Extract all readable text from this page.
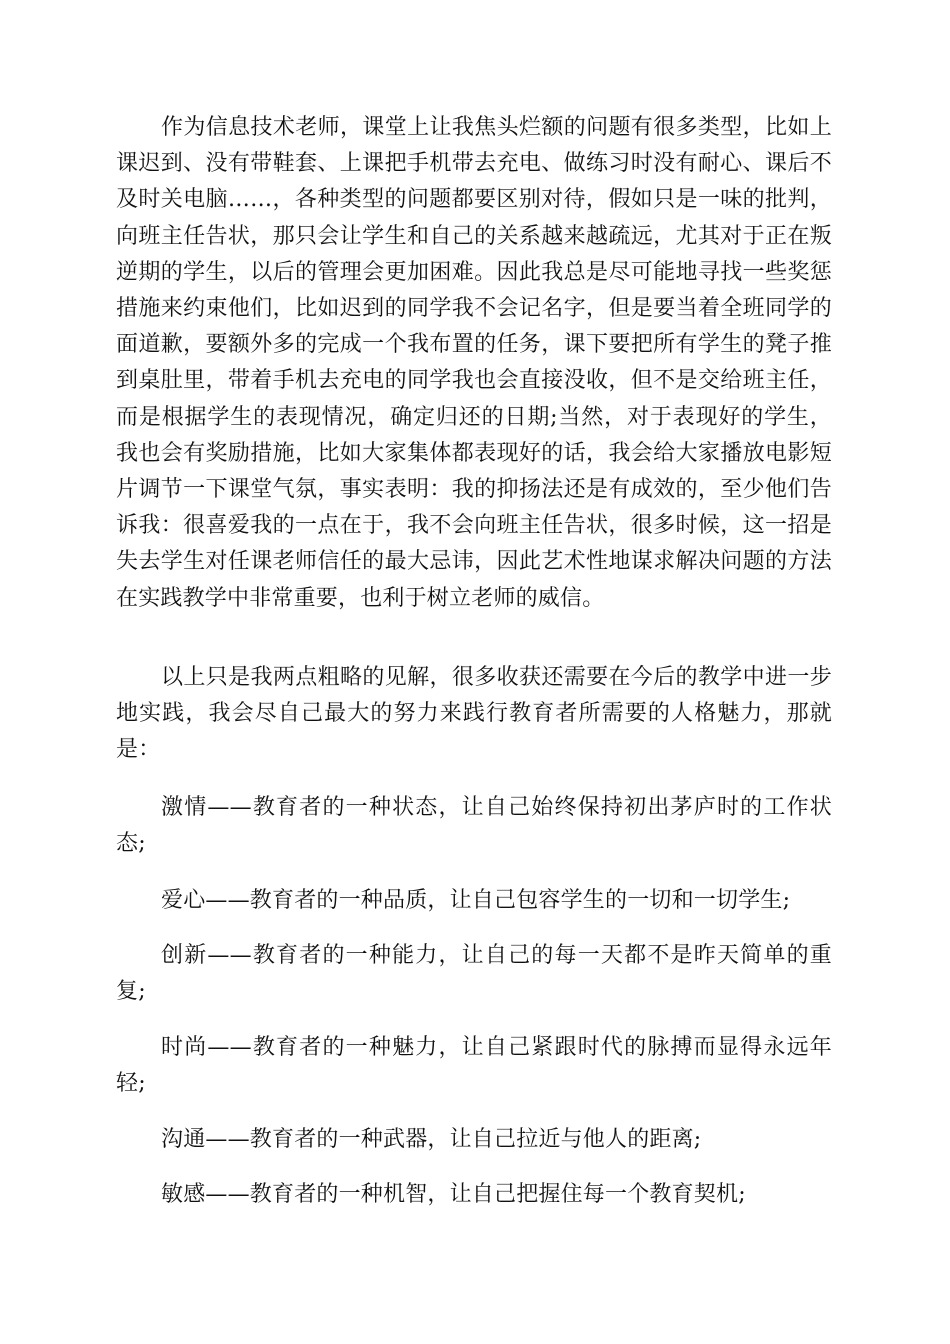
作为信息技术老师，课堂上让我焦头烂额的问题有很多类型，比如上课迟到、没有带鞋套、上课把手机带去充电、做练习时没有耐心、课后不及时关电脑……，各种类型的问题都要区别对待，假如只是一味的批判，向班主任告状，那只会让学生和自己的关系越来越疏远，尤其对于正在叛逆期的学生，以后的管理会更加困难。因此我总是尽可能地寻找一些奖惩措施来约束他们，比如迟到的同学我不会记名字，但是要当着全班同学的面道歉，要额外多的完成一个我布置的任务，课下要把所有学生的凳子推到桌肚里，带着手机去充电的同学我也会直接没收，但不是交给班主任，而是根据学生的表现情况，确定归还的日期;当然，对于表现好的学生，我也会有奖励措施，比如大家集体都表现好的话，我会给大家播放电影短片调节一下课堂气氛，事实表明：我的抑扬法还是有成效的，至少他们告诉我：很喜爱我的一点在于，我不会向班主任告状，很多时候，这一招是失去学生对任课老师信任的最大忌讳，因此艺术性地谋求解决问题的方法在实践教学中非常重要，也利于树立老师的威信。

以上只是我两点粗略的见解，很多收获还需要在今后的教学中进一步地实践，我会尽自己最大的努力来践行教育者所需要的人格魅力，那就是：

激情——教育者的一种状态，让自己始终保持初出茅庐时的工作状态;

爱心——教育者的一种品质，让自己包容学生的一切和一切学生;

创新——教育者的一种能力，让自己的每一天都不是昨天简单的重复;

时尚——教育者的一种魅力，让自己紧跟时代的脉搏而显得永远年轻;

沟通——教育者的一种武器，让自己拉近与他人的距离;

敏感——教育者的一种机智，让自己把握住每一个教育契机;
